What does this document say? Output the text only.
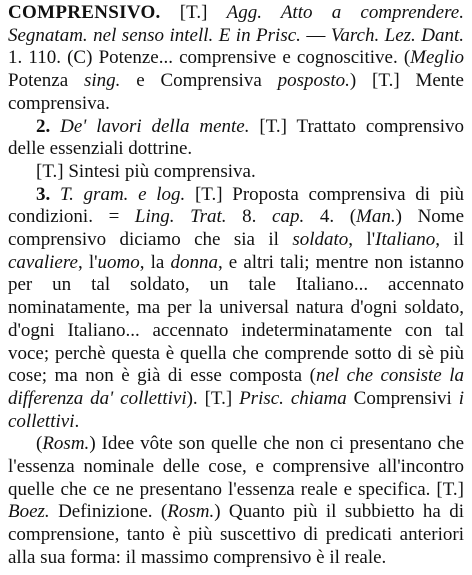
COMPRENSIVO. [T.] Agg. Atto a comprendere. Segnatam. nel senso intell. E in Prisc. — Varch. Lez. Dant. 1. 110. (C) Potenze... comprensive e cognoscitive. (Meglio Potenza sing. e Comprensiva posposto.) [T.] Mente comprensiva.

2. De' lavori della mente. [T.] Trattato comprensivo delle essenziali dottrine.

[T.] Sintesi più comprensiva.

3. T. gram. e log. [T.] Proposta comprensiva di più condizioni. = Ling. Trat. 8. cap. 4. (Man.) Nome comprensivo diciamo che sia il soldato, l'Italiano, il cavaliere, l'uomo, la donna, e altri tali; mentre non istanno per un tal soldato, un tale Italiano... accennato nominatamente, ma per la universal natura d'ogni soldato, d'ogni Italiano... accennato indeterminatamente con tal voce; perchè questa è quella che comprende sotto di sè più cose; ma non è già di esse composta (nel che consiste la differenza da' collettivi). [T.] Prisc. chiama Comprensivi i collettivi.

(Rosm.) Idee vôte son quelle che non ci presentano che l'essenza nominale delle cose, e comprensive all'incontro quelle che ce ne presentano l'essenza reale e specifica. [T.] Boez. Definizione. (Rosm.) Quanto più il subbietto ha di comprensione, tanto è più suscettivo di predicati anteriori alla sua forma: il massimo comprensivo è il reale.
